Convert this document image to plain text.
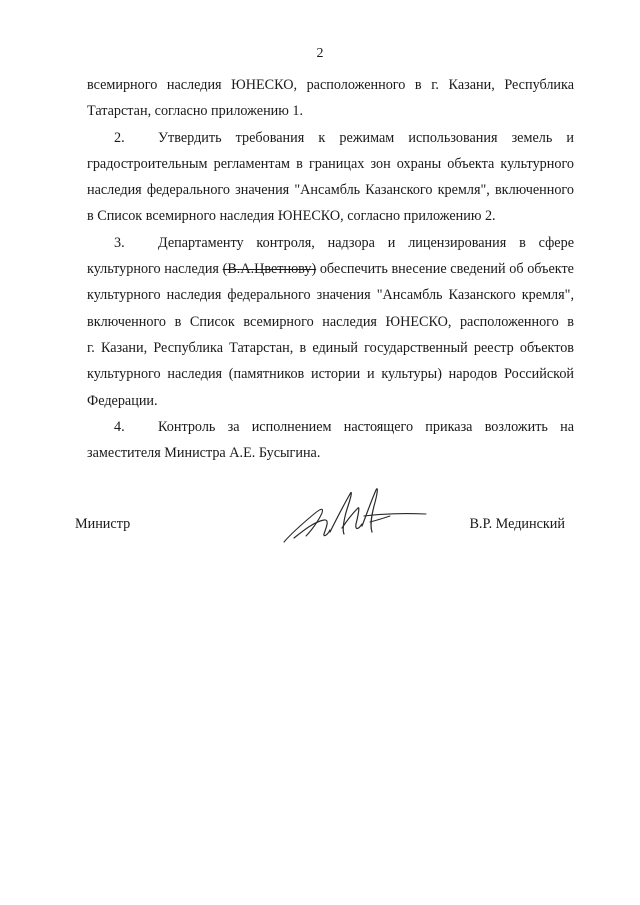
2
всемирного наследия ЮНЕСКО, расположенного в г. Казани, Республика
Татарстан, согласно приложению 1.
2. Утвердить требования к режимам использования земель и
градостроительным регламентам в границах зон охраны объекта культурного
наследия федерального значения "Ансамбль Казанского кремля", включенного
в Список всемирного наследия ЮНЕСКО, согласно приложению 2.
3. Департаменту контроля, надзора и лицензирования в сфере
культурного наследия (В.А.Цветнову) обеспечить внесение сведений об объекте
культурного наследия федерального значения "Ансамбль Казанского кремля",
включенного в Список всемирного наследия ЮНЕСКО, расположенного в
г. Казани, Республика Татарстан, в единый государственный реестр объектов
культурного наследия (памятников истории и культуры) народов Российской
Федерации.
4. Контроль за исполнением настоящего приказа возложить на
заместителя Министра А.Е. Бусыгина.
Министр	В.Р. Мединский
